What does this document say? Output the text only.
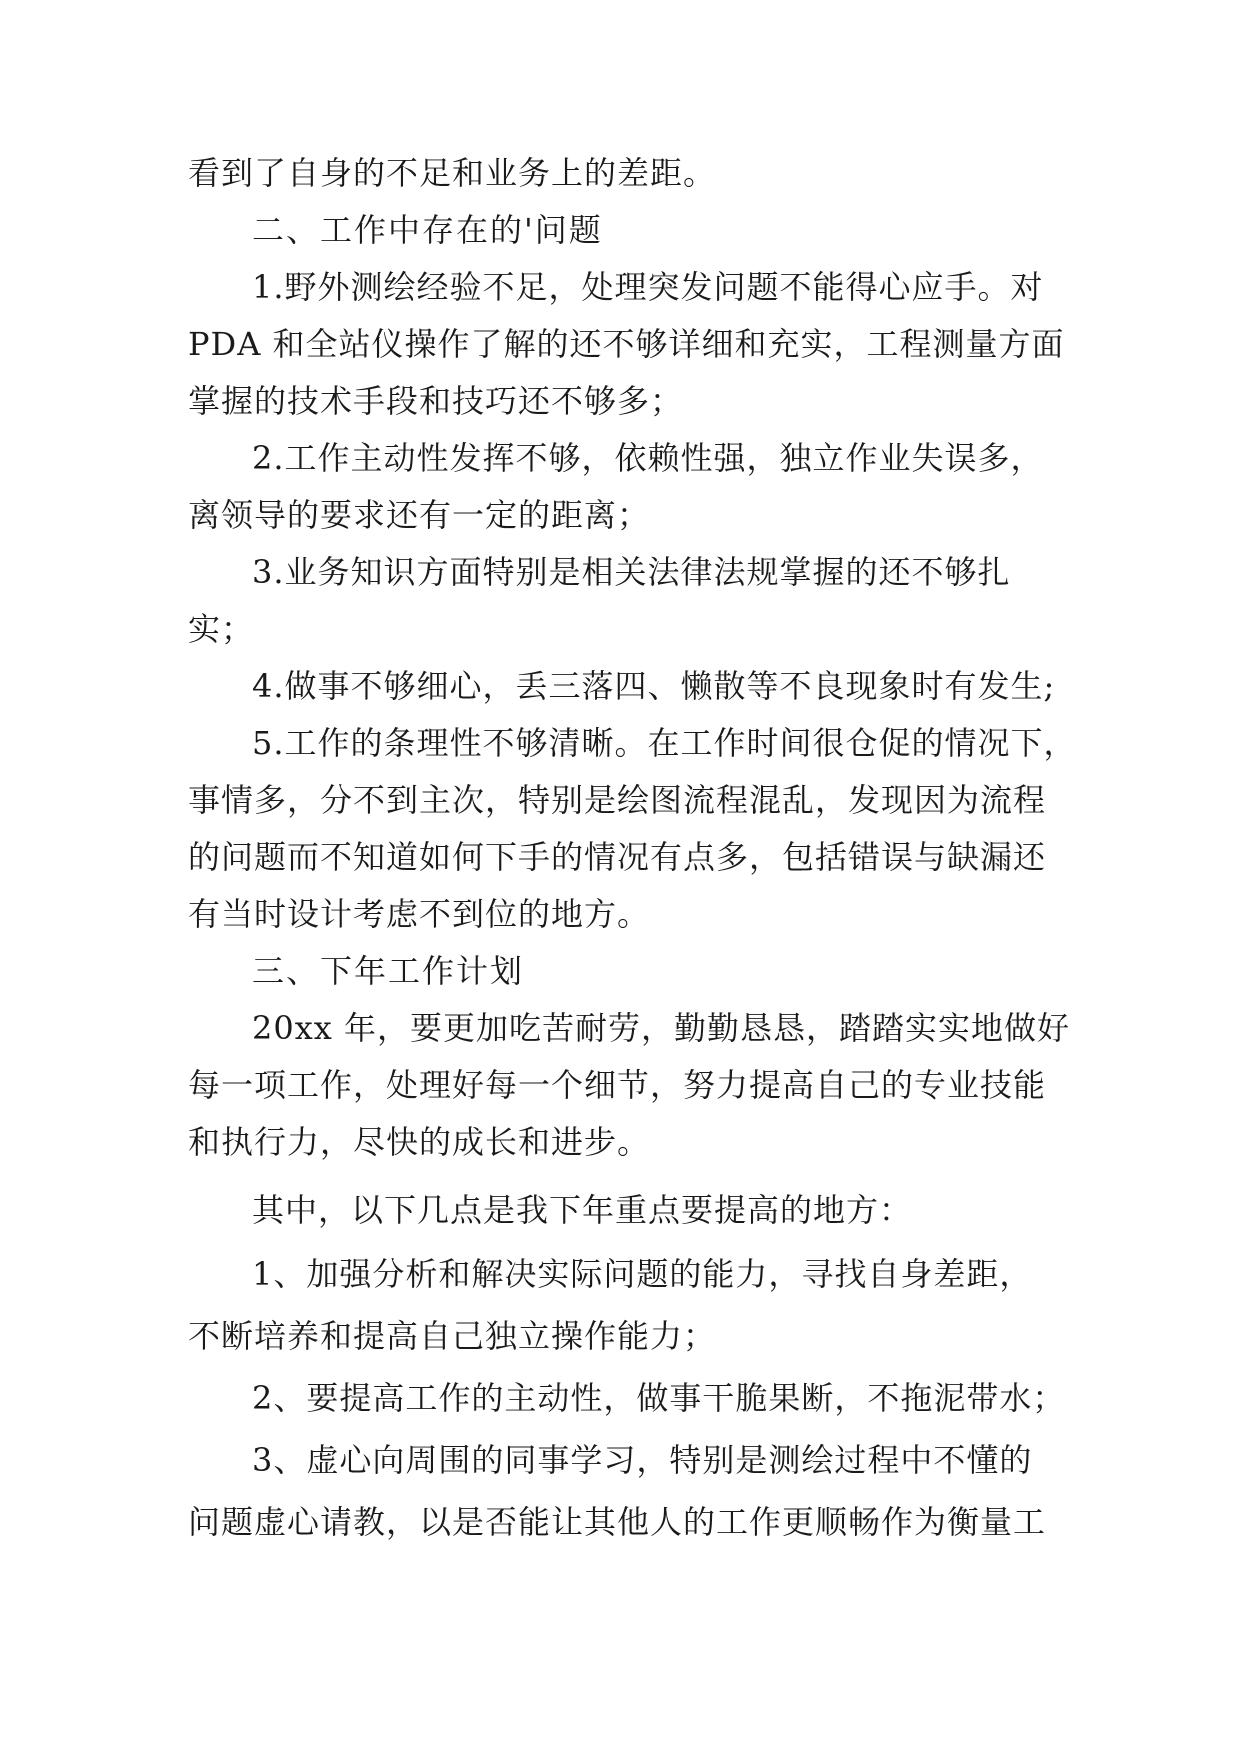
看到了自身的不足和业务上的差距。
二、工作中存在的'问题
1.野外测绘经验不足，处理突发问题不能得心应手。对
PDA 和全站仪操作了解的还不够详细和充实，工程测量方面
掌握的技术手段和技巧还不够多；
2.工作主动性发挥不够，依赖性强，独立作业失误多，
离领导的要求还有一定的距离；
3.业务知识方面特别是相关法律法规掌握的还不够扎
实；
4.做事不够细心，丢三落四、懒散等不良现象时有发生;
5.工作的条理性不够清晰。在工作时间很仓促的情况下，
事情多，分不到主次，特别是绘图流程混乱，发现因为流程
的问题而不知道如何下手的情况有点多，包括错误与缺漏还
有当时设计考虑不到位的地方。
三、下年工作计划
20xx 年，要更加吃苦耐劳，勤勤恳恳，踏踏实实地做好
每一项工作，处理好每一个细节，努力提高自己的专业技能
和执行力，尽快的成长和进步。
其中，以下几点是我下年重点要提高的地方：
1、加强分析和解决实际问题的能力，寻找自身差距，
不断培养和提高自己独立操作能力；
2、要提高工作的主动性，做事干脆果断，不拖泥带水；
3、虚心向周围的同事学习，特别是测绘过程中不懂的
问题虚心请教，以是否能让其他人的工作更顺畅作为衡量工
